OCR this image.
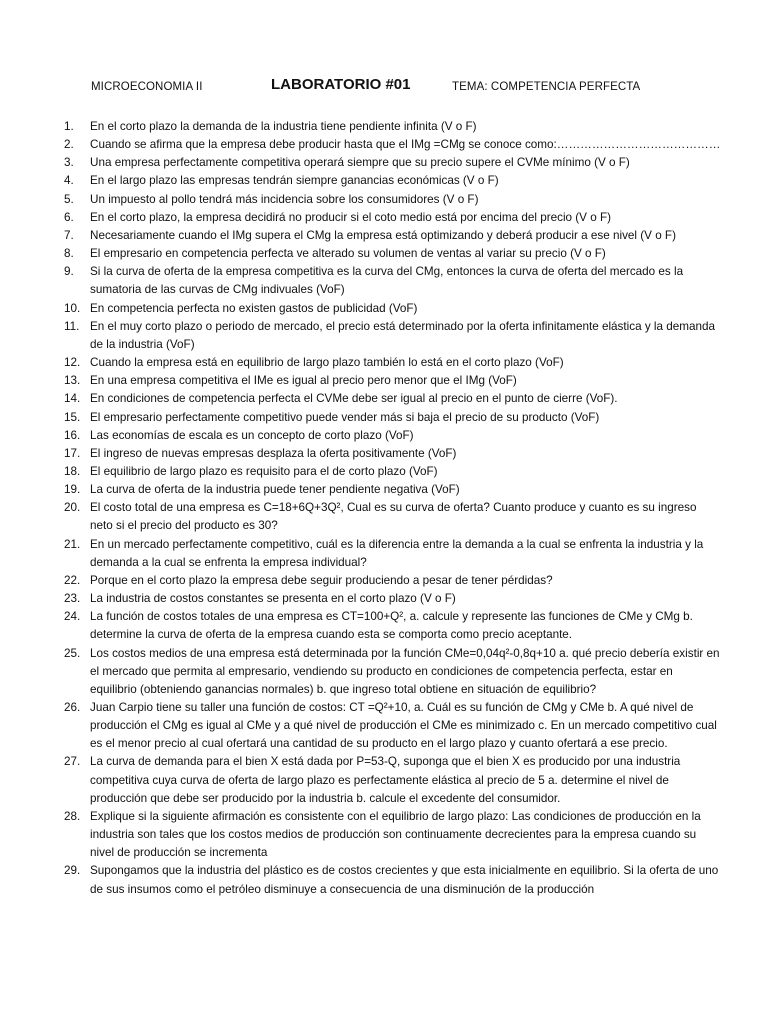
MICROECONOMIA II	LABORATORIO #01	TEMA: COMPETENCIA PERFECTA
1.	En el corto plazo la demanda de la industria tiene pendiente infinita (V o F)
2.	Cuando se afirma que la empresa debe producir hasta que el IMg =CMg se conoce como:……………………………………
3.	Una empresa perfectamente competitiva operará siempre que su precio supere el CVMe mínimo (V o F)
4.	En el largo plazo las empresas tendrán siempre ganancias económicas (V o F)
5.	Un impuesto al pollo tendrá más incidencia sobre los consumidores (V o F)
6.	En el corto plazo, la empresa decidirá no producir si el coto medio está por encima del precio (V o F)
7.	Necesariamente cuando el IMg supera el CMg la empresa está optimizando y deberá producir a ese nivel (V o F)
8.	El empresario en competencia perfecta ve alterado su volumen de ventas al variar su precio (V o F)
9.	Si la curva de oferta de la empresa competitiva es la curva del CMg, entonces la curva de oferta del mercado es la sumatoria de las curvas de CMg indivuales (VoF)
10. En competencia perfecta no existen gastos de publicidad (VoF)
11. En el muy corto plazo o periodo de mercado, el precio está determinado por la oferta infinitamente elástica y la demanda de la industria (VoF)
12. Cuando la empresa está en equilibrio de largo plazo también lo está en el corto plazo (VoF)
13. En una empresa competitiva el IMe es igual al precio pero menor que el IMg (VoF)
14. En condiciones de competencia perfecta el CVMe debe ser igual al precio en el punto de cierre (VoF).
15. El empresario perfectamente competitivo puede vender más si baja el precio de su producto (VoF)
16. Las economías de escala es un concepto de corto plazo (VoF)
17. El ingreso de nuevas empresas desplaza la oferta positivamente (VoF)
18. El equilibrio de largo plazo es requisito para el de corto plazo (VoF)
19. La curva de oferta de la industria puede tener pendiente negativa (VoF)
20. El costo total de una empresa es C=18+6Q+3Q², Cual es su curva de oferta? Cuanto produce y cuanto es su ingreso neto si el precio del producto es 30?
21. En un mercado perfectamente competitivo, cuál es la diferencia entre la demanda a la cual se enfrenta la industria y la demanda a la cual se enfrenta la empresa individual?
22. Porque en el corto plazo la empresa debe seguir produciendo a pesar de tener pérdidas?
23. La industria de costos constantes se presenta en el corto plazo (V o F)
24. La función de costos totales de una empresa es CT=100+Q², a. calcule y represente las funciones de CMe y CMg b. determine la curva de oferta de la empresa cuando esta se comporta como precio aceptante.
25. Los costos medios de una empresa está determinada por la función CMe=0,04q²-0,8q+10 a. qué precio debería existir en el mercado que permita al empresario, vendiendo su producto en condiciones de competencia perfecta, estar en equilibrio (obteniendo ganancias normales) b. que ingreso total obtiene en situación de equilibrio?
26. Juan Carpio tiene su taller una función de costos: CT =Q²+10, a. Cuál es su función de CMg y CMe b. A qué nivel de producción el CMg es igual al CMe y a qué nivel de producción el CMe es minimizado c. En un mercado competitivo cual es el menor precio al cual ofertará una cantidad de su producto en el largo plazo y cuanto ofertará a ese precio.
27. La curva de demanda para el bien X está dada por P=53-Q, suponga que el bien X es producido por una industria competitiva cuya curva de oferta de largo plazo es perfectamente elástica al precio de 5 a. determine el nivel de producción que debe ser producido por la industria b. calcule el excedente del consumidor.
28. Explique si la siguiente afirmación es consistente con el equilibrio de largo plazo: Las condiciones de producción en la industria son tales que los costos medios de producción son continuamente decrecientes para la empresa cuando su nivel de producción se incrementa
29. Supongamos que la industria del plástico es de costos crecientes y que esta inicialmente en equilibrio. Si la oferta de uno de sus insumos como el petróleo disminuye a consecuencia de una disminución de la producción
